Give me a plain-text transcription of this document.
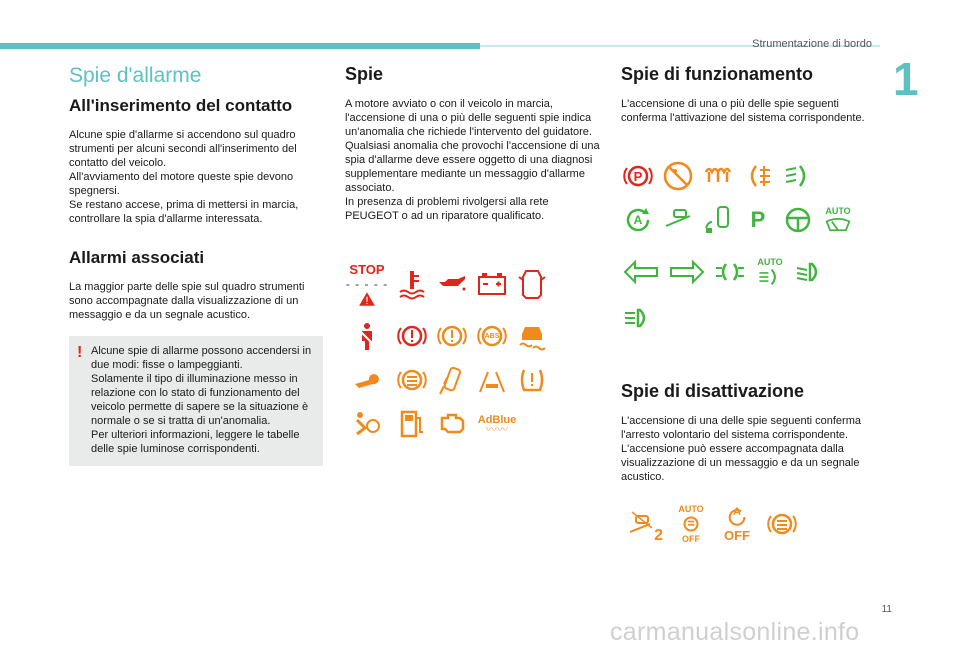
Strumentazione di bordo
1
Spie d'allarme
All'inserimento del contatto

Alcune spie d'allarme si accendono sul quadro strumenti per alcuni secondi all'inserimento del contatto del veicolo.
All'avviamento del motore queste spie devono spegnersi.
Se restano accese, prima di mettersi in marcia, controllare la spia d'allarme interessata.

Allarmi associati

La maggior parte delle spie sul quadro strumenti sono accompagnate dalla visualizzazione di un messaggio e da un segnale acustico.

! Alcune spie di allarme possono accendersi in due modi: fisse o lampeggianti.
Solamente il tipo di illuminazione messo in relazione con lo stato di funzionamento del veicolo permette di sapere se la situazione è normale o se si tratta di un'anomalia.
Per ulteriori informazioni, leggere le tabelle delle spie luminose corrispondenti.

Spie

A motore avviato o con il veicolo in marcia, l'accensione di una o più delle seguenti spie indica un'anomalia che richiede l'intervento del guidatore.
Qualsiasi anomalia che provochi l'accensione di una spia d'allarme deve essere oggetto di una diagnosi supplementare mediante un messaggio d'allarme associato.
In presenza di problemi rivolgersi alla rete PEUGEOT o ad un riparatore qualificato.

STOP
- - - - -
ABS
AdBlue
〰〰
Spie di funzionamento

L'accensione di una o più delle spie seguenti conferma l'attivazione del sistema corrispondente.

P
A	P	AUTO
AUTO
Spie di disattivazione

L'accensione di una delle spie seguenti conferma l'arresto volontario del sistema corrispondente.
L'accensione può essere accompagnata dalla visualizzazione di un messaggio e da un segnale acustico.

2
AUTO
OFF
A
OFF
11
carmanualsonline.info
